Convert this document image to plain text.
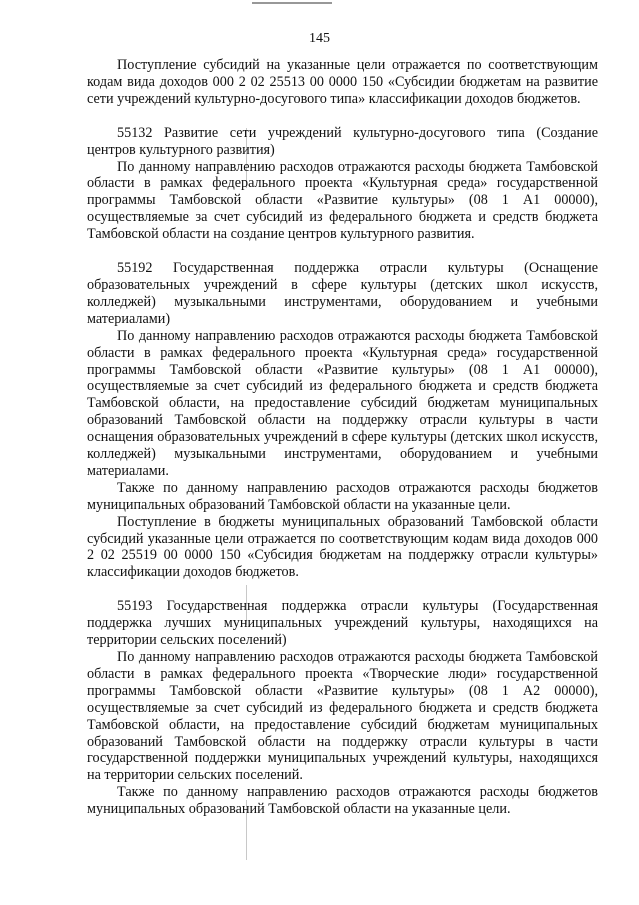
145

Поступление субсидий на указанные цели отражается по соответствующим кодам вида доходов 000 2 02 25513 00 0000 150 «Субсидии бюджетам на развитие сети учреждений культурно-досугового типа» классификации доходов бюджетов.

55132 Развитие сети учреждений культурно-досугового типа (Создание центров культурного развития)

По данному направлению расходов отражаются расходы бюджета Тамбовской области в рамках федерального проекта «Культурная среда» государственной программы Тамбовской области «Развитие культуры» (08 1 А1 00000), осуществляемые за счет субсидий из федерального бюджета и средств бюджета Тамбовской области на создание центров культурного развития.

55192 Государственная поддержка отрасли культуры (Оснащение образовательных учреждений в сфере культуры (детских школ искусств, колледжей) музыкальными инструментами, оборудованием и учебными материалами)

По данному направлению расходов отражаются расходы бюджета Тамбовской области в рамках федерального проекта «Культурная среда» государственной программы Тамбовской области «Развитие культуры» (08 1 А1 00000), осуществляемые за счет субсидий из федерального бюджета и средств бюджета Тамбовской области, на предоставление субсидий бюджетам муниципальных образований Тамбовской области на поддержку отрасли культуры в части оснащения образовательных учреждений в сфере культуры (детских школ искусств, колледжей) музыкальными инструментами, оборудованием и учебными материалами.

Также по данному направлению расходов отражаются расходы бюджетов муниципальных образований Тамбовской области на указанные цели.

Поступление в бюджеты муниципальных образований Тамбовской области субсидий указанные цели отражается по соответствующим кодам вида доходов 000 2 02 25519 00 0000 150 «Субсидия бюджетам на поддержку отрасли культуры» классификации доходов бюджетов.

55193 Государственная поддержка отрасли культуры (Государственная поддержка лучших муниципальных учреждений культуры, находящихся на территории сельских поселений)

По данному направлению расходов отражаются расходы бюджета Тамбовской области в рамках федерального проекта «Творческие люди» государственной программы Тамбовской области «Развитие культуры» (08 1 А2 00000), осуществляемые за счет субсидий из федерального бюджета и средств бюджета Тамбовской области, на предоставление субсидий бюджетам муниципальных образований Тамбовской области на поддержку отрасли культуры в части государственной поддержки муниципальных учреждений культуры, находящихся на территории сельских поселений.

Также по данному направлению расходов отражаются расходы бюджетов муниципальных образований Тамбовской области на указанные цели.
